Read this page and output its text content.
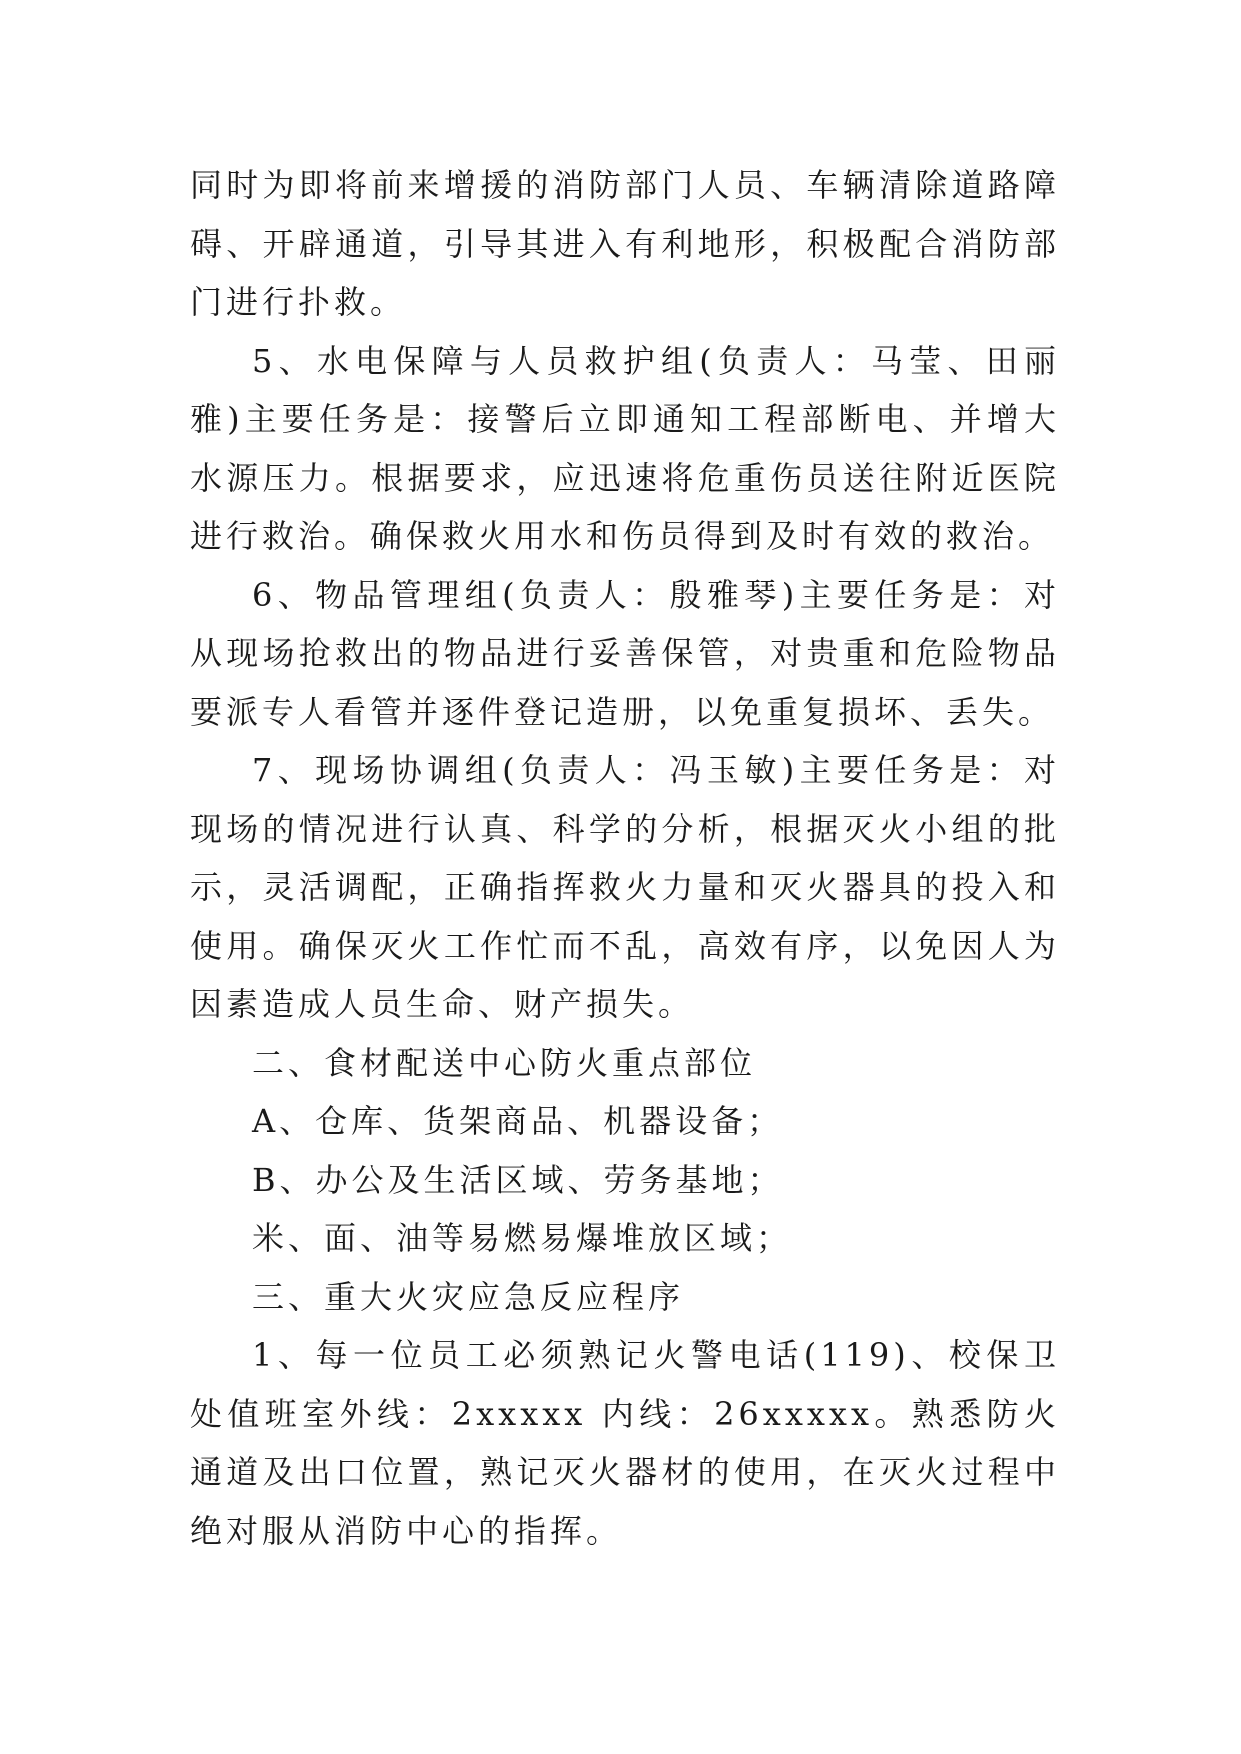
同时为即将前来增援的消防部门人员、车辆清除道路障碍、开辟通道，引导其进入有利地形，积极配合消防部门进行扑救。

5、水电保障与人员救护组(负责人：马莹、田丽雅)主要任务是：接警后立即通知工程部断电、并增大水源压力。根据要求，应迅速将危重伤员送往附近医院进行救治。确保救火用水和伤员得到及时有效的救治。

6、物品管理组(负责人：殷雅琴)主要任务是：对从现场抢救出的物品进行妥善保管，对贵重和危险物品要派专人看管并逐件登记造册，以免重复损坏、丢失。

7、现场协调组(负责人：冯玉敏)主要任务是：对现场的情况进行认真、科学的分析，根据灭火小组的批示，灵活调配，正确指挥救火力量和灭火器具的投入和使用。确保灭火工作忙而不乱，高效有序，以免因人为因素造成人员生命、财产损失。

二、食材配送中心防火重点部位

A、仓库、货架商品、机器设备；

B、办公及生活区域、劳务基地；

米、面、油等易燃易爆堆放区域；

三、重大火灾应急反应程序

1、每一位员工必须熟记火警电话(119)、校保卫处值班室外线：2xxxxx 内线：26xxxxx。熟悉防火通道及出口位置，熟记灭火器材的使用，在灭火过程中绝对服从消防中心的指挥。
